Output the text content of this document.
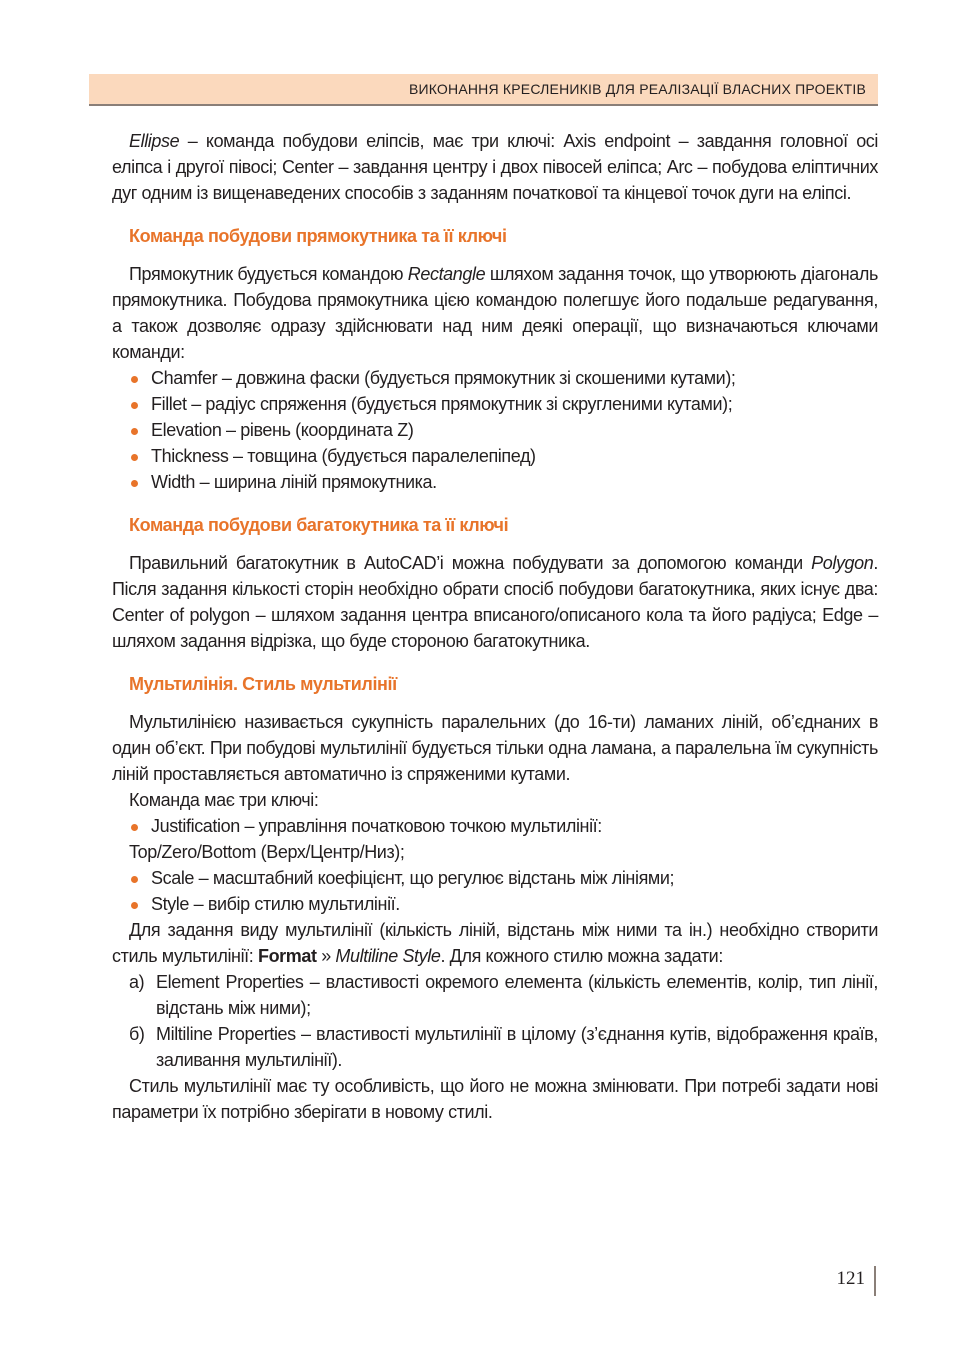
ВИКОНАННЯ КРЕСЛЕНИКІВ ДЛЯ РЕАЛІЗАЦІЇ ВЛАСНИХ ПРОЕКТІВ

Ellipse – команда побудови еліпсів, має три ключі: Axis endpoint – завдання головної осі еліпса і другої півосі; Center – завдання центру і двох півосей еліпса; Arc – побудова еліптичних дуг одним із вищенаведених способів з заданням початкової та кінцевої точок дуги на еліпсі.

Команда побудови прямокутника та її ключі

Прямокутник будується командою Rectangle шляхом задання точок, що утворюють діагональ прямокутника. Побудова прямокутника цією командою полегшує його подальше редагування, а також дозволяє одразу здійснювати над ним деякі операції, що визначаються ключами команди:

Chamfer – довжина фаски (будується прямокутник зі скошеними кутами);
Fillet – радіус спряження (будується прямокутник зі скругленими кутами);
Elevation – рівень (координата Z)
Thickness – товщина (будується паралелепіпед)
Width – ширина ліній прямокутника.
Команда побудови багатокутника та її ключі

Правильний багатокутник в AutoCAD’і можна побудувати за допомогою команди Polygon. Після задання кількості сторін необхідно обрати спосіб побудови багатокутника, яких існує два: Center of polygon – шляхом задання центра вписаного/описаного кола та його радіуса; Edge – шляхом задання відрізка, що буде стороною багатокутника.

Мультилінія. Стиль мультилінії

Мультилінією називається сукупність паралельних (до 16-ти) ламаних ліній, об’єднаних в один об’єкт. При побудові мультилінії будується тільки одна ламана, а паралельна їм сукупність ліній проставляється автоматично із спряженими кутами.

Команда має три ключі:

Justification – управління початковою точкою мультилінії:

Top/Zero/Bottom (Верх/Центр/Низ);

Scale – масштабний коефіцієнт, що регулює відстань між лініями;
Style – вибір стилю мультилінії.

Для задання виду мультилінії (кількість ліній, відстань між ними та ін.) необхідно створити стиль мультилінії: Format » Multiline Style. Для кожного стилю можна задати:

а) Element Properties – властивості окремого елемента (кількість елементів, колір, тип лінії, відстань між ними);
б) Miltiline Properties – властивості мультилінії в цілому (з’єднання кутів, відображення країв, заливання мультилінії).

Стиль мультилінії має ту особливість, що його не можна змінювати. При потребі задати нові параметри їх потрібно зберігати в новому стилі.

121
